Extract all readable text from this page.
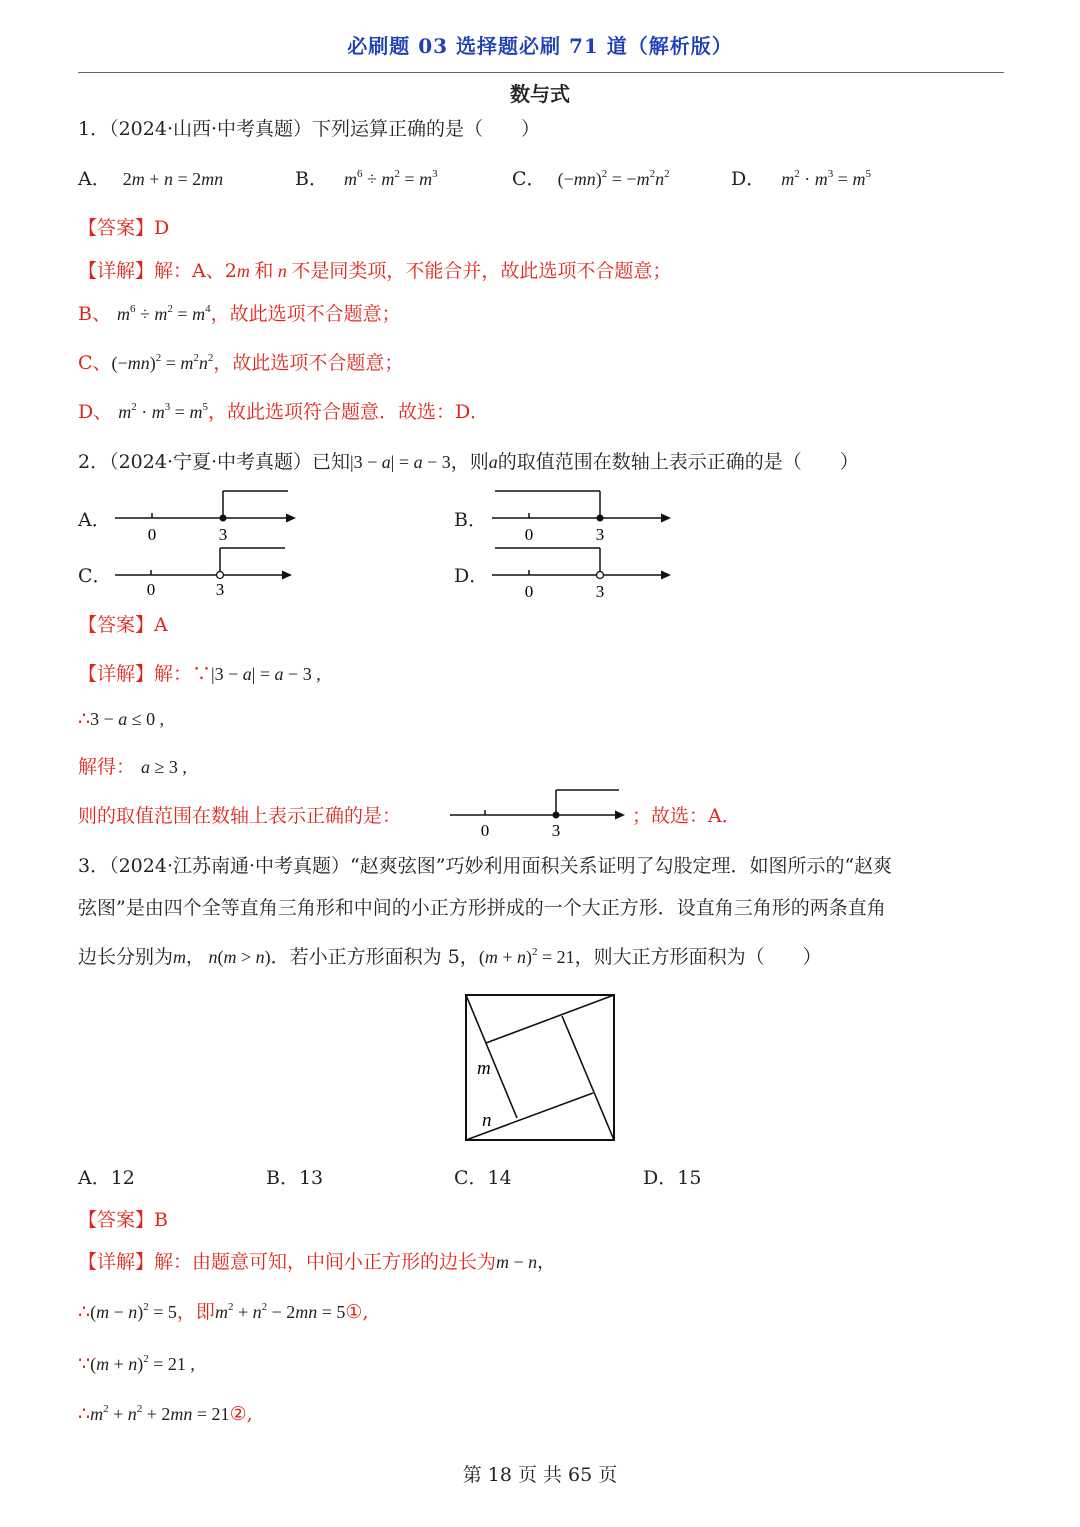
必刷题 03 选择题必刷 71 道（解析版）
数与式
1．（2024·山西·中考真题）下列运算正确的是（　　）
A． 2m + n = 2mn	B． $m^6 \div m^2 = m^3$	C． $(-mn)^2 = -m^2n^2$	D． $m^2 \cdot m^3 = m^5$
【答案】D
【详解】解：A、2m 和 n 不是同类项，不能合并，故此选项不合题意；
B、 $m^6 \div m^2 = m^4$，故此选项不合题意；
C、$(-mn)^2 = m^2n^2$，故此选项不合题意；
D、 $m^2 \cdot m^3 = m^5$，故此选项符合题意．故选：D．
2．（2024·宁夏·中考真题）已知|3 − a| = a − 3，则a的取值范围在数轴上表示正确的是（　　）
A．
0	3
B．
0	3
C．
0	3
D．
0	3
【答案】A
【详解】解：∵|3 − a| = a − 3 ,
∴3 − a ≤ 0 ,
解得： a ≥ 3 ,
则的取值范围在数轴上表示正确的是：
0	3
；故选：A．
3．（2024·江苏南通·中考真题）“赵爽弦图”巧妙利用面积关系证明了勾股定理．如图所示的“赵爽
弦图”是由四个全等直角三角形和中间的小正方形拼成的一个大正方形．设直角三角形的两条直角
边长分别为m， n(m > n)．若小正方形面积为 5，$(m + n)^2 = 21$，则大正方形面积为（　　）
m
n
A．12	B．13	C．14	D．15
【答案】B
【详解】解：由题意可知，中间小正方形的边长为m − n，
∴(m − n)$^2$ = 5，即$m^2 + n^2 - 2mn$ = 5①,
∵(m + n)$^2$ = 21 ,
$\therefore m^2 + n^2 + 2mn$ = 21②,
第 18 页 共 65 页
